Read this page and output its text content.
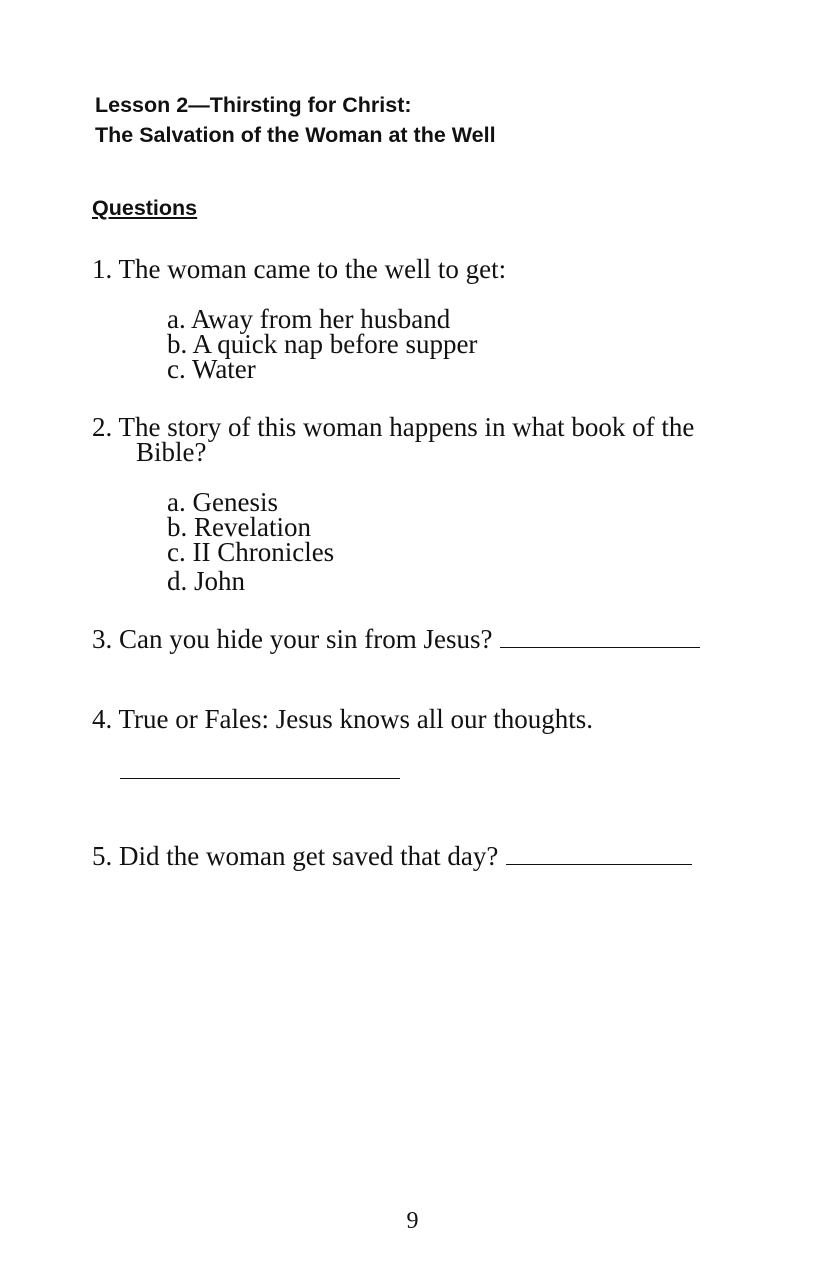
Lesson 2—Thirsting for Christ:
The Salvation of the Woman at the Well
Questions
1. The woman came to the well to get:
a. Away from her husband
b. A quick nap before supper
c. Water
2. The story of this woman happens in what book of the
Bible?
a. Genesis
b. Revelation
c. II Chronicles
d. John
3. Can you hide your sin from Jesus?
4. True or Fales: Jesus knows all our thoughts.
5. Did the woman get saved that day?
9
